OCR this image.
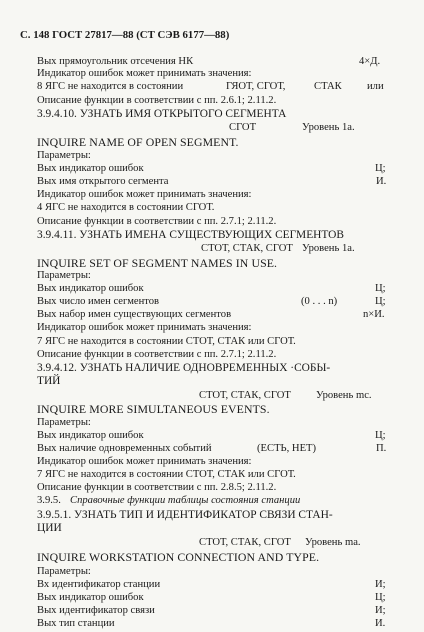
С. 148 ГОСТ 27817—88 (СТ СЭВ 6177—88)
Вых прямоугольник отсечения НК	4×Д.
Индикатор ошибок может принимать значения:
8 ЯГС не находится в состоянии	ГЯОТ, СГОТ,	СТАК или
Описание функции в соответствии с пп. 2.6.1; 2.11.2.
3.9.4.10. УЗНАТЬ ИМЯ ОТКРЫТОГО СЕГМЕНТА
СГОТ	Уровень 1а.
INQUIRE NAME OF OPEN SEGMENT.
Параметры:
Вых индикатор ошибок	Ц;
Вых имя открытого сегмента	И.
Индикатор ошибок может принимать значения:
4 ЯГС не находится в состоянии СГОТ.
Описание функции в соответствии с пп. 2.7.1; 2.11.2.
3.9.4.11. УЗНАТЬ ИМЕНА СУЩЕСТВУЮЩИХ СЕГМЕНТОВ
СТОТ, СТАК, СГОТ Уровень 1а.
INQUIRE SET OF SEGMENT NAMES IN USE.
Параметры:
Вых индикатор ошибок	Ц;
Вых число имен сегментов	(0 . . . n)	Ц;
Вых набор имен существующих сегментов	n×И.
Индикатор ошибок может принимать значения:
7 ЯГС не находится в состоянии СТОТ, СТАК или СГОТ.
Описание функции в соответствии с пп. 2.7.1; 2.11.2.
3.9.4.12. УЗНАТЬ НАЛИЧИЕ ОДНОВРЕМЕННЫХ ·СОБЫ-
ТИЙ
СТОТ, СТАК, СГОТ Уровень mc.
INQUIRE MORE SIMULTANEOUS EVENTS.
Параметры:
Вых индикатор ошибок	Ц;
Вых наличие одновременных событий	(ЕСТЬ, НЕТ)	П.
Индикатор ошибок может принимать значения:
7 ЯГС не находится в состоянии СТОТ, СТАК или СГОТ.
Описание функции в соответствии с пп. 2.8.5; 2.11.2.
3.9.5. Справочные функции таблицы состояния станции
3.9.5.1. УЗНАТЬ ТИП И ИДЕНТИФИКАТОР СВЯЗИ СТАН-
ЦИИ
СТОТ, СТАК, СГОТ Уровень ma.
INQUIRE WORKSTATION CONNECTION AND TYPE.
Параметры:
Вх идентификатор станции	И;
Вых индикатор ошибок	Ц;
Вых идентификатор связи	И;
Вых тип станции	И.
